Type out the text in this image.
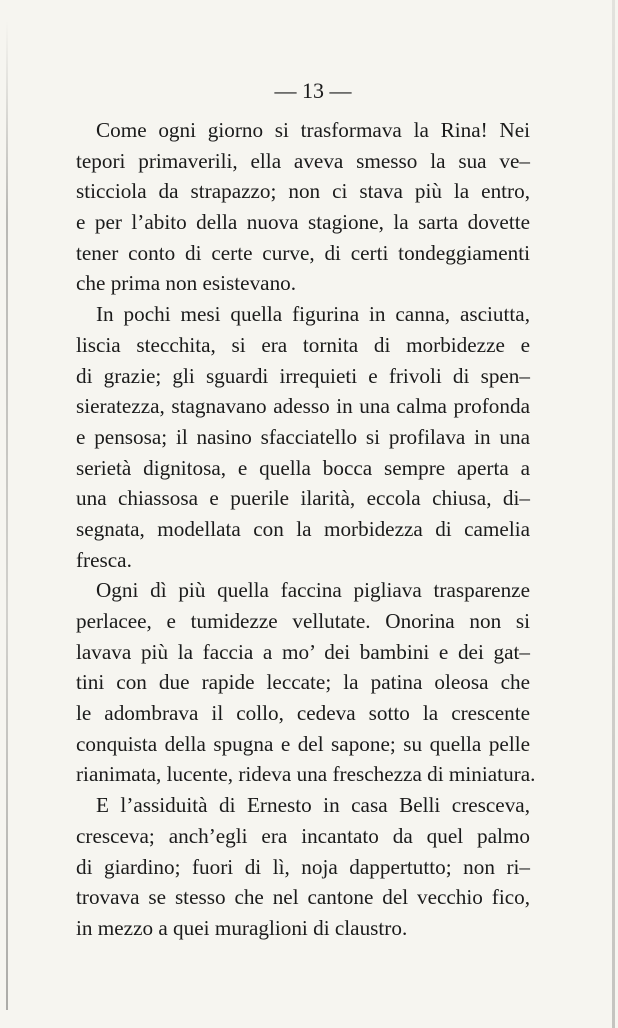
— 13 —
Come ogni giorno si trasformava la Rina! Nei
tepori primaverili, ella aveva smesso la sua ve–
sticciola da strapazzo; non ci stava più la entro,
e per l’abito della nuova stagione, la sarta dovette
tener conto di certe curve, di certi tondeggiamenti
che prima non esistevano.
In pochi mesi quella figurina in canna, asciutta,
liscia stecchita, si era tornita di morbidezze e
di grazie; gli sguardi irrequieti e frivoli di spen–
sieratezza, stagnavano adesso in una calma profonda
e pensosa; il nasino sfacciatello si profilava in una
serietà dignitosa, e quella bocca sempre aperta a
una chiassosa e puerile ilarità, eccola chiusa, di–
segnata, modellata con la morbidezza di camelia
fresca.
Ogni dì più quella faccina pigliava trasparenze
perlacee, e tumidezze vellutate. Onorina non si
lavava più la faccia a mo’ dei bambini e dei gat–
tini con due rapide leccate; la patina oleosa che
le adombrava il collo, cedeva sotto la crescente
conquista della spugna e del sapone; su quella pelle
rianimata, lucente, rideva una freschezza di miniatura.
E l’assiduità di Ernesto in casa Belli cresceva,
cresceva; anch’egli era incantato da quel palmo
di giardino; fuori di lì, noja dappertutto; non ri–
trovava se stesso che nel cantone del vecchio fico,
in mezzo a quei muraglioni di claustro.
